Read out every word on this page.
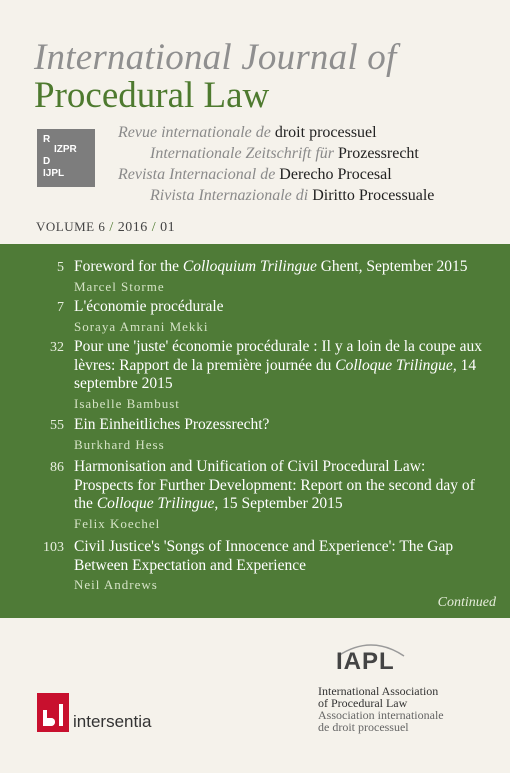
International Journal of
Procedural Law
R
IZPR
D
IJPL
Revue internationale de droit processuel
Internationale Zeitschrift für Prozessrecht
Revista Internacional de Derecho Procesal
Rivista Internazionale di Diritto Processuale
VOLUME 6 / 2016 / 01
5 Foreword for the Colloquium Trilingue Ghent, September 2015
Marcel Storme
7 L'économie procédurale
Soraya Amrani Mekki
32 Pour une 'juste' économie procédurale : Il y a loin de la coupe aux lèvres: Rapport de la première journée du Colloque Trilingue, 14 septembre 2015
Isabelle Bambust
55 Ein Einheitliches Prozessrecht?
Burkhard Hess
86 Harmonisation and Unification of Civil Procedural Law: Prospects for Further Development: Report on the second day of the Colloque Trilingue, 15 September 2015
Felix Koechel
103 Civil Justice's 'Songs of Innocence and Experience': The Gap Between Expectation and Experience
Neil Andrews
Continued
IAPL
International Association
of Procedural Law
Association internationale
de droit processuel
intersentia
